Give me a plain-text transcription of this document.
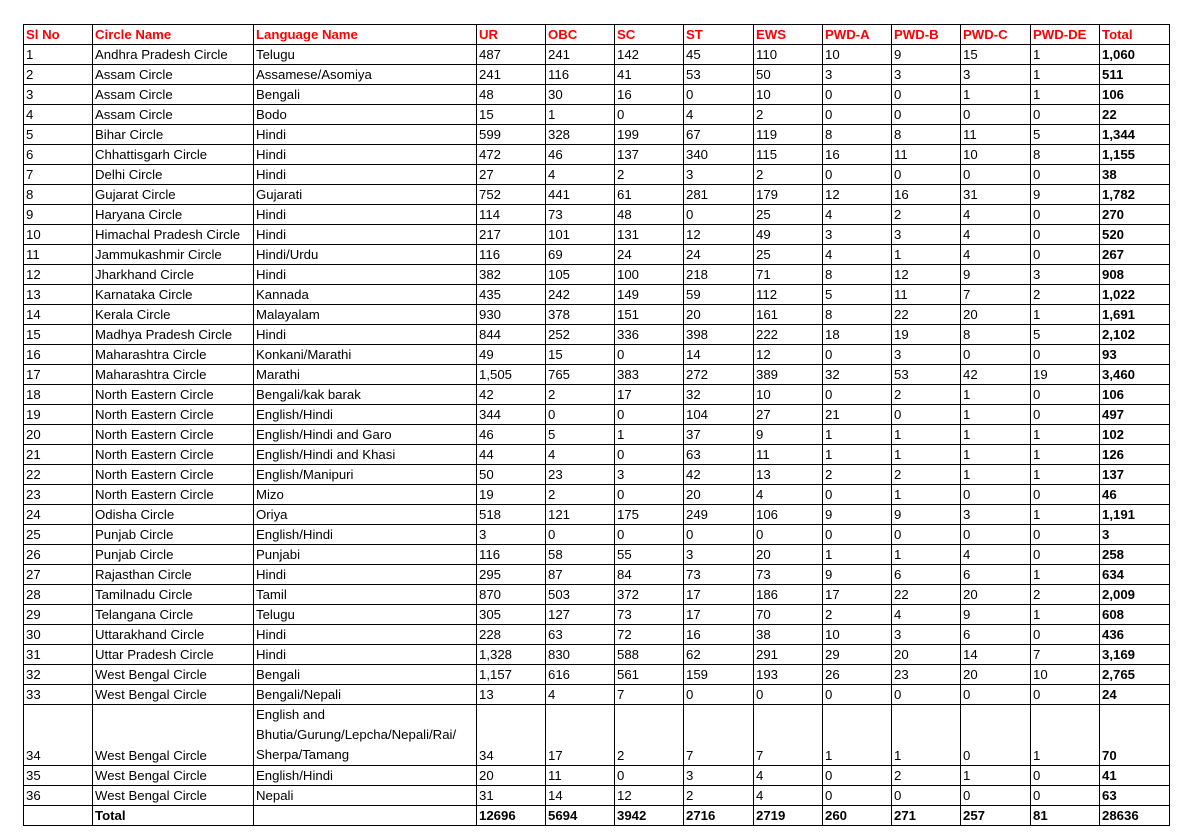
Sl No	Circle Name	Language Name	UR	OBC	SC	ST	EWS	PWD-A	PWD-B	PWD-C	PWD-DE	Total
1	Andhra Pradesh Circle	Telugu	487	241	142	45	110	10	9	15	1	1,060
2	Assam Circle	Assamese/Asomiya	241	116	41	53	50	3	3	3	1	511
3	Assam Circle	Bengali	48	30	16	0	10	0	0	1	1	106
4	Assam Circle	Bodo	15	1	0	4	2	0	0	0	0	22
5	Bihar Circle	Hindi	599	328	199	67	119	8	8	11	5	1,344
6	Chhattisgarh Circle	Hindi	472	46	137	340	115	16	11	10	8	1,155
7	Delhi Circle	Hindi	27	4	2	3	2	0	0	0	0	38
8	Gujarat Circle	Gujarati	752	441	61	281	179	12	16	31	9	1,782
9	Haryana Circle	Hindi	114	73	48	0	25	4	2	4	0	270
10	Himachal Pradesh Circle	Hindi	217	101	131	12	49	3	3	4	0	520
11	Jammukashmir Circle	Hindi/Urdu	116	69	24	24	25	4	1	4	0	267
12	Jharkhand Circle	Hindi	382	105	100	218	71	8	12	9	3	908
13	Karnataka Circle	Kannada	435	242	149	59	112	5	11	7	2	1,022
14	Kerala Circle	Malayalam	930	378	151	20	161	8	22	20	1	1,691
15	Madhya Pradesh Circle	Hindi	844	252	336	398	222	18	19	8	5	2,102
16	Maharashtra Circle	Konkani/Marathi	49	15	0	14	12	0	3	0	0	93
17	Maharashtra Circle	Marathi	1,505	765	383	272	389	32	53	42	19	3,460
18	North Eastern Circle	Bengali/kak barak	42	2	17	32	10	0	2	1	0	106
19	North Eastern Circle	English/Hindi	344	0	0	104	27	21	0	1	0	497
20	North Eastern Circle	English/Hindi and Garo	46	5	1	37	9	1	1	1	1	102
21	North Eastern Circle	English/Hindi and Khasi	44	4	0	63	11	1	1	1	1	126
22	North Eastern Circle	English/Manipuri	50	23	3	42	13	2	2	1	1	137
23	North Eastern Circle	Mizo	19	2	0	20	4	0	1	0	0	46
24	Odisha Circle	Oriya	518	121	175	249	106	9	9	3	1	1,191
25	Punjab Circle	English/Hindi	3	0	0	0	0	0	0	0	0	3
26	Punjab Circle	Punjabi	116	58	55	3	20	1	1	4	0	258
27	Rajasthan Circle	Hindi	295	87	84	73	73	9	6	6	1	634
28	Tamilnadu Circle	Tamil	870	503	372	17	186	17	22	20	2	2,009
29	Telangana Circle	Telugu	305	127	73	17	70	2	4	9	1	608
30	Uttarakhand Circle	Hindi	228	63	72	16	38	10	3	6	0	436
31	Uttar Pradesh Circle	Hindi	1,328	830	588	62	291	29	20	14	7	3,169
32	West Bengal Circle	Bengali	1,157	616	561	159	193	26	23	20	10	2,765
33	West Bengal Circle	Bengali/Nepali	13	4	7	0	0	0	0	0	0	24
34	West Bengal Circle	English and Bhutia/Gurung/Lepcha/Nepali/Rai/ Sherpa/Tamang	34	17	2	7	7	1	1	0	1	70
35	West Bengal Circle	English/Hindi	20	11	0	3	4	0	2	1	0	41
36	West Bengal Circle	Nepali	31	14	12	2	4	0	0	0	0	63
	Total		12696	5694	3942	2716	2719	260	271	257	81	28636
